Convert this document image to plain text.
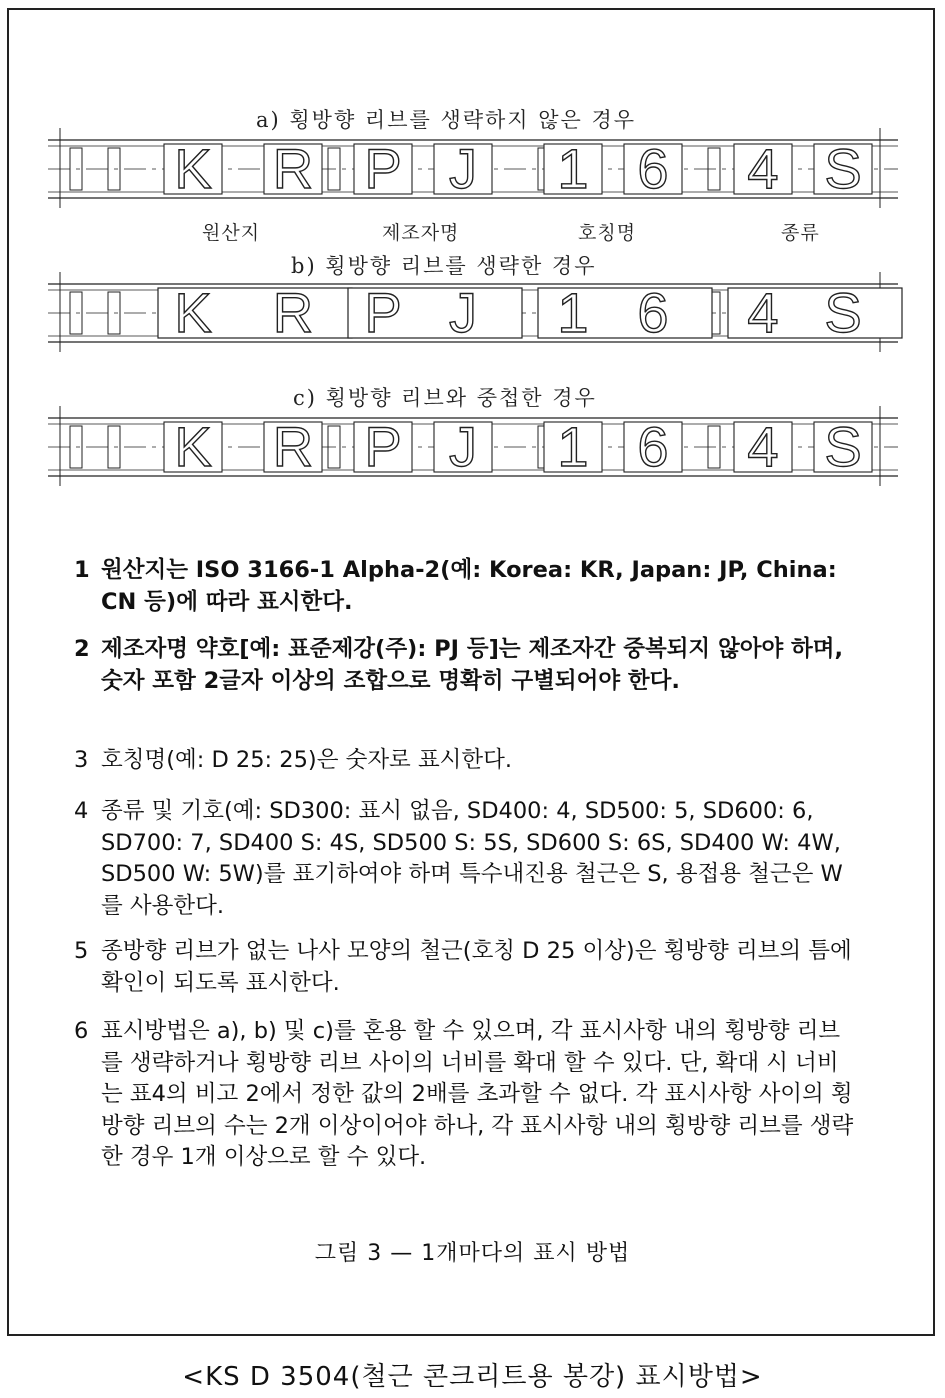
a) 횡방향 리브를 생략하지 않은 경우
K R P J 1 6 4 S
원산지	제조자명	호칭명	종류
b) 횡방향 리브를 생략한 경우
K R P J 1 6 4 S
c) 횡방향 리브와 중첩한 경우
K R P J 1 6 4 S
1 원산지는 ISO 3166-1 Alpha-2(예: Korea: KR, Japan: JP, China: CN 등)에 따라 표시한다.
2 제조자명 약호[예: 표준제강(주): PJ 등]는 제조자간 중복되지 않아야 하며, 숫자 포함 2글자 이상의 조합으로 명확히 구별되어야 한다.
3 호칭명(예: D 25: 25)은 숫자로 표시한다.
4 종류 및 기호(예: SD300: 표시 없음, SD400: 4, SD500: 5, SD600: 6, SD700: 7, SD400 S: 4S, SD500 S: 5S, SD600 S: 6S, SD400 W: 4W, SD500 W: 5W)를 표기하여야 하며 특수내진용 철근은 S, 용접용 철근은 W를 사용한다.
5 종방향 리브가 없는 나사 모양의 철근(호칭 D 25 이상)은 횡방향 리브의 틈에 확인이 되도록 표시한다.
6 표시방법은 a), b) 및 c)를 혼용 할 수 있으며, 각 표시사항 내의 횡방향 리브를 생략하거나 횡방향 리브 사이의 너비를 확대 할 수 있다. 단, 확대 시 너비는 표4의 비고 2에서 정한 값의 2배를 초과할 수 없다. 각 표시사항 사이의 횡방향 리브의 수는 2개 이상이어야 하나, 각 표시사항 내의 횡방향 리브를 생략한 경우 1개 이상으로 할 수 있다.
그림 3 — 1개마다의 표시 방법
<KS D 3504(철근 콘크리트용 봉강) 표시방법>
